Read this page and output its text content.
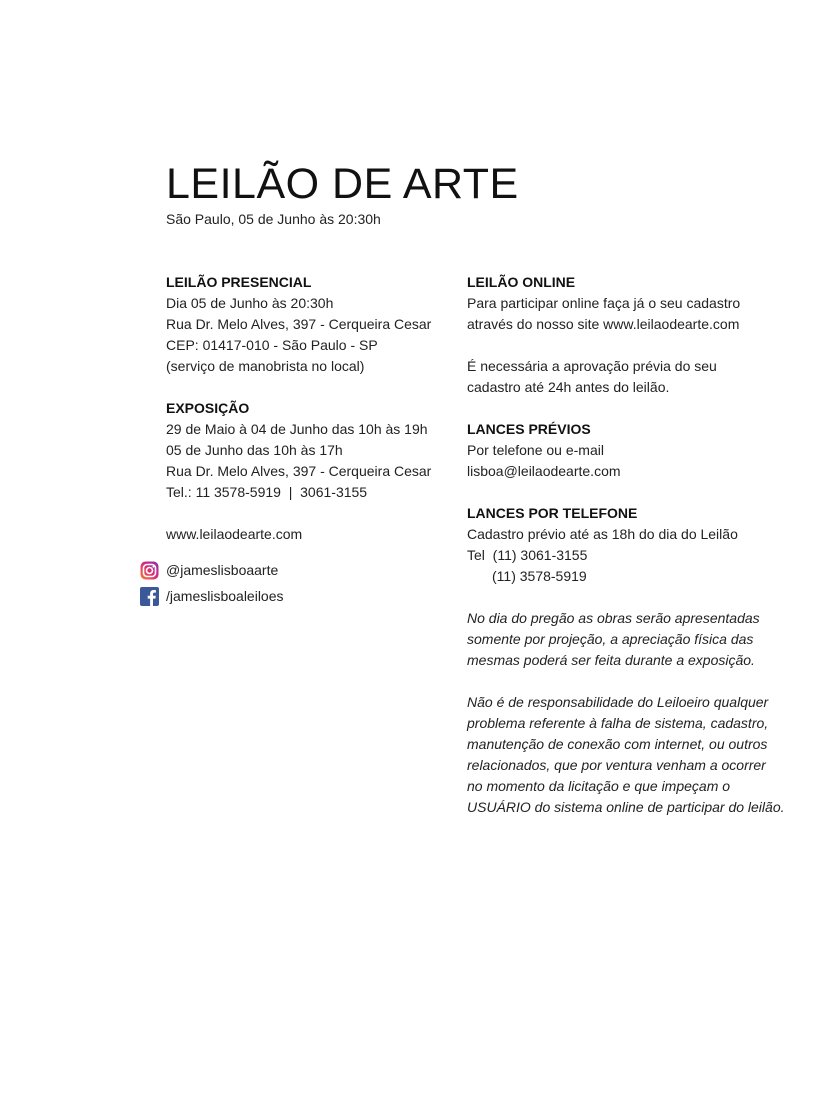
LEILÃO DE ARTE
São Paulo, 05 de Junho às 20:30h
LEILÃO PRESENCIAL
Dia 05 de Junho às 20:30h
Rua Dr. Melo Alves, 397 - Cerqueira Cesar
CEP: 01417-010 - São Paulo - SP
(serviço de manobrista no local)
EXPOSIÇÃO
29 de Maio à 04 de Junho das 10h às 19h
05 de Junho das 10h às 17h
Rua Dr. Melo Alves, 397 - Cerqueira Cesar
Tel.: 11 3578-5919  |  3061-3155
www.leilaodearte.com
@jameslisboaarte
/jameslisboaleiloes
LEILÃO ONLINE
Para participar online faça já o seu cadastro
através do nosso site www.leilaodearte.com
É necessária a aprovação prévia do seu
cadastro até 24h antes do leilão.
LANCES PRÉVIOS
Por telefone ou e-mail
lisboa@leilaodearte.com
LANCES POR TELEFONE
Cadastro prévio até as 18h do dia do Leilão
Tel  (11) 3061-3155
(11) 3578-5919
No dia do pregão as obras serão apresentadas
somente por projeção, a apreciação física das
mesmas poderá ser feita durante a exposição.
Não é de responsabilidade do Leiloeiro qualquer
problema referente à falha de sistema, cadastro,
manutenção de conexão com internet, ou outros
relacionados, que por ventura venham a ocorrer
no momento da licitação e que impeçam o
USUÁRIO do sistema online de participar do leilão.
